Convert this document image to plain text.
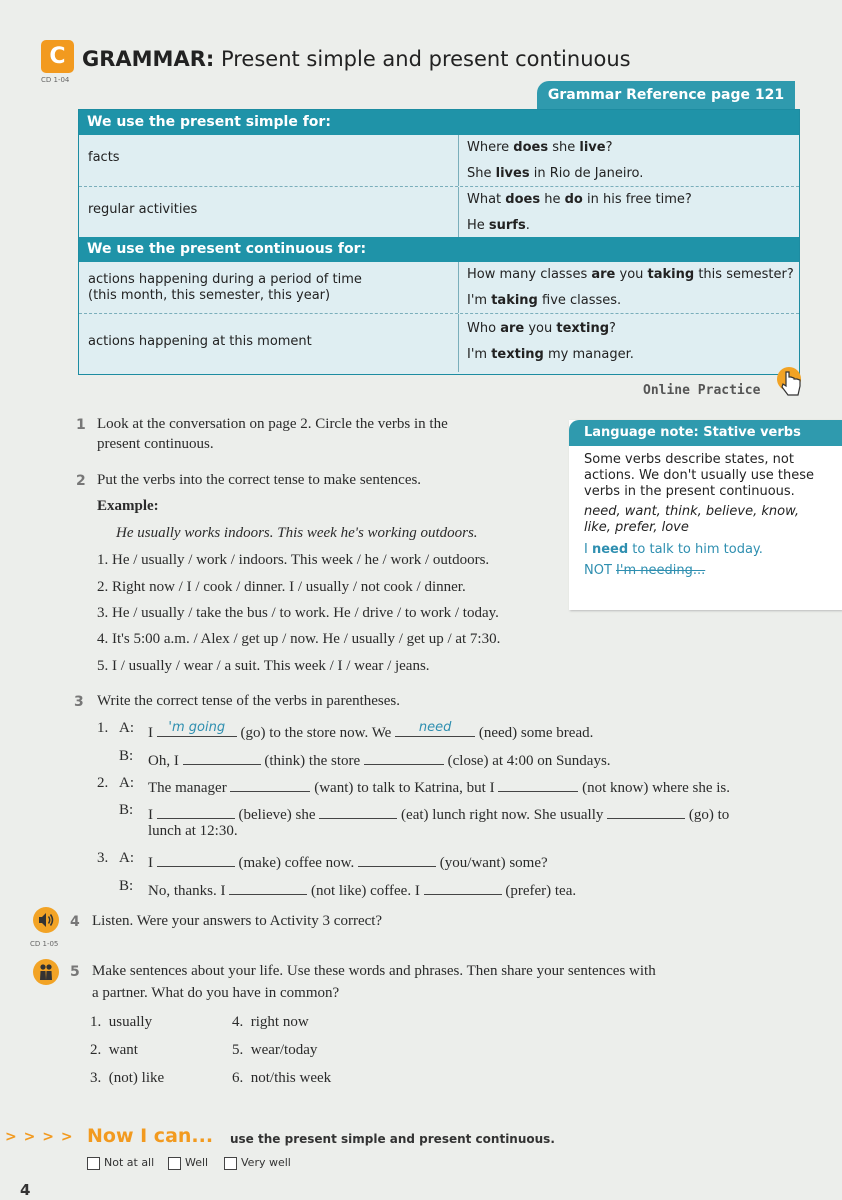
C
CD 1-04
GRAMMAR: Present simple and present continuous
Grammar Reference page 121
We use the present simple for:
facts
Where does she live?
She lives in Rio de Janeiro.
regular activities
What does he do in his free time?
He surfs.
We use the present continuous for:
actions happening during a period of time
(this month, this semester, this year)
How many classes are you taking this semester?
I'm taking five classes.
actions happening at this moment
Who are you texting?
I'm texting my manager.
Online Practice
Language note: Stative verbs
Some verbs describe states, not actions. We don't usually use these verbs in the present continuous.
need, want, think, believe, know, like, prefer, love
I need to talk to him today.
NOT I'm needing...
1 Look at the conversation on page 2. Circle the verbs in the
present continuous.
2 Put the verbs into the correct tense to make sentences.
Example:
He usually works indoors. This week he's working outdoors.
1. He / usually / work / indoors. This week / he / work / outdoors.
2. Right now / I / cook / dinner. I / usually / not cook / dinner.
3. He / usually / take the bus / to work. He / drive / to work / today.
4. It's 5:00 a.m. / Alex / get up / now. He / usually / get up / at 7:30.
5. I / usually / wear / a suit. This week / I / wear / jeans.
3 Write the correct tense of the verbs in parentheses.
1. A: I	'm going	(go) to the store now. We	need	(need) some bread.
B: Oh, I	(think) the store	(close) at 4:00 on Sundays.
2. A: The manager	(want) to talk to Katrina, but I	(not know) where she is.
B: I	(believe) she	(eat) lunch right now. She usually	(go) to
lunch at 12:30.
3. A: I	(make) coffee now.	(you/want) some?
B: No, thanks. I	(not like) coffee. I	(prefer) tea.
CD 1-05
4 Listen. Were your answers to Activity 3 correct?
5 Make sentences about your life. Use these words and phrases. Then share your sentences with
a partner. What do you have in common?
1. usually
2. want
3. (not) like
4. right now
5. wear/today
6. not/this week
> > > > Now I can... use the present simple and present continuous.
Not at all	Well	Very well
4
